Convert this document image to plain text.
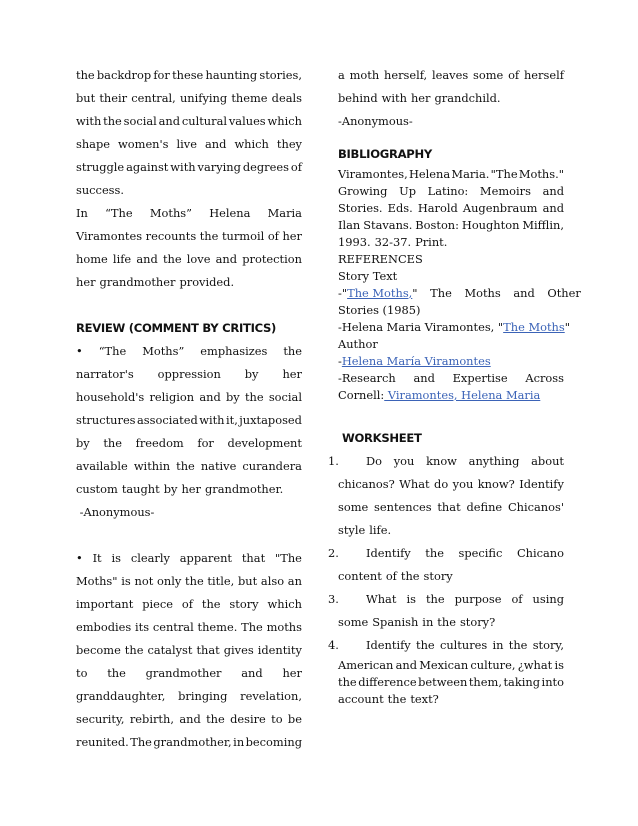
the backdrop for these haunting stories,
but their central, unifying theme deals
with the social and cultural values which
shape women's live and which they
struggle against with varying degrees of
success.
In “The Moths” Helena Maria
Viramontes recounts the turmoil of her
home life and the love and protection
her grandmother provided.
REVIEW (COMMENT BY CRITICS)
• “The Moths” emphasizes the
narrator's oppression by her
household's religion and by the social
structures associated with it, juxtaposed
by the freedom for development
available within the native curandera
custom taught by her grandmother.
-Anonymous-
• It is clearly apparent that "The
Moths" is not only the title, but also an
important piece of the story which
embodies its central theme. The moths
become the catalyst that gives identity
to the grandmother and her
granddaughter, bringing revelation,
security, rebirth, and the desire to be
reunited. The grandmother, in becoming
a moth herself, leaves some of herself
behind with her grandchild.
-Anonymous-
BIBLIOGRAPHY
Viramontes, Helena Maria. "The Moths."
Growing Up Latino: Memoirs and
Stories. Eds. Harold Augenbraum and
Ilan Stavans. Boston: Houghton Mifflin,
1993. 32-37. Print.
REFERENCES
Story Text
-" The Moths, " The Moths and Other
Stories (1985)
-Helena Maria Viramontes, " The Moths "
Author
- Helena María Viramontes
-Research and Expertise Across
Cornell: Viramontes, Helena Maria
WORKSHEET
1. Do you know anything about
chicanos? What do you know? Identify
some sentences that define Chicanos'
style life.
2. Identify the specific Chicano
content of the story
3. What is the purpose of using
some Spanish in the story?
4. Identify the cultures in the story,
American and Mexican culture, ¿what is
the difference between them, taking into
account the text?
